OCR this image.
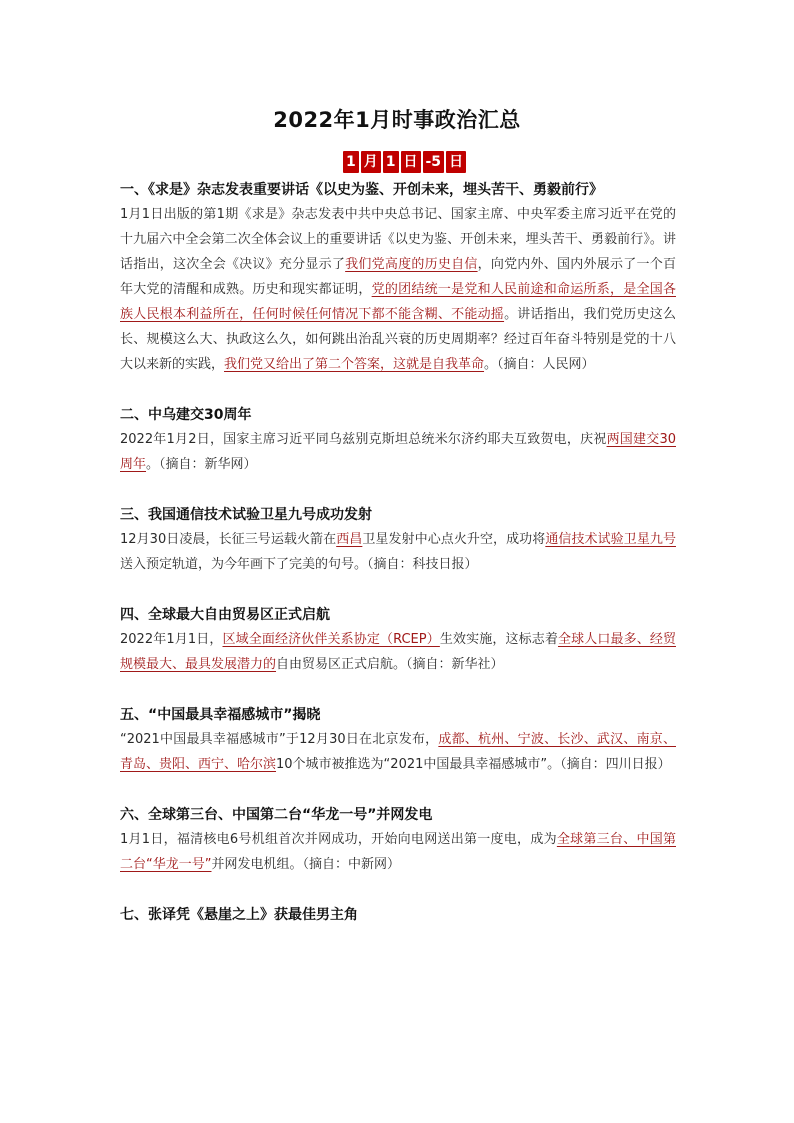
2022年1月时事政治汇总
1 月 1 日 -5 日

一、《求是》杂志发表重要讲话《以史为鉴、开创未来，埋头苦干、勇毅前行》

1月1日出版的第1期《求是》杂志发表中共中央总书记、国家主席、中央军委主席习近平在党的十九届六中全会第二次全体会议上的重要讲话《以史为鉴、开创未来，埋头苦干、勇毅前行》。讲话指出，这次全会《决议》充分显示了我们党高度的历史自信，向党内外、国内外展示了一个百年大党的清醒和成熟。历史和现实都证明，党的团结统一是党和人民前途和命运所系，是全国各族人民根本利益所在，任何时候任何情况下都不能含糊、不能动摇。讲话指出，我们党历史这么长、规模这么大、执政这么久，如何跳出治乱兴衰的历史周期率？经过百年奋斗特别是党的十八大以来新的实践，我们党又给出了第二个答案，这就是自我革命。（摘自：人民网）

二、中乌建交30周年

2022年1月2日，国家主席习近平同乌兹别克斯坦总统米尔济约耶夫互致贺电，庆祝两国建交30周年。（摘自：新华网）

三、我国通信技术试验卫星九号成功发射

12月30日凌晨，长征三号运载火箭在西昌卫星发射中心点火升空，成功将通信技术试验卫星九号送入预定轨道，为今年画下了完美的句号。（摘自：科技日报）

四、全球最大自由贸易区正式启航

2022年1月1日，区域全面经济伙伴关系协定（RCEP）生效实施，这标志着全球人口最多、经贸规模最大、最具发展潜力的自由贸易区正式启航。（摘自：新华社）

五、“中国最具幸福感城市”揭晓

“2021中国最具幸福感城市”于12月30日在北京发布，成都、杭州、宁波、长沙、武汉、南京、青岛、贵阳、西宁、哈尔滨10个城市被推选为“2021中国最具幸福感城市”。（摘自：四川日报）

六、全球第三台、中国第二台“华龙一号”并网发电

1月1日，福清核电6号机组首次并网成功，开始向电网送出第一度电，成为全球第三台、中国第二台“华龙一号”并网发电机组。（摘自：中新网）

七、张译凭《悬崖之上》获最佳男主角
